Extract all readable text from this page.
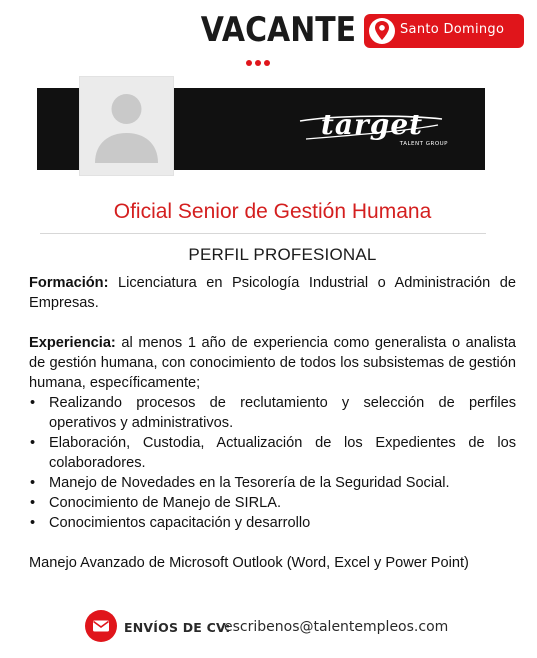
VACANTE	Santo Domingo
target
TALENT GROUP
Oficial Senior de Gestión Humana
PERFIL PROFESIONAL

Formación: Licenciatura en Psicología Industrial o Administración de Empresas.

Experiencia: al menos 1 año de experiencia como generalista o analista de gestión humana, con conocimiento de todos los subsistemas de gestión humana, específicamente;

• Realizando procesos de reclutamiento y selección de perfiles operativos y administrativos.
• Elaboración, Custodia, Actualización de los Expedientes de los colaboradores.
• Manejo de Novedades en la Tesorería de la Seguridad Social.
• Conocimiento de Manejo de SIRLA.
• Conocimientos capacitación y desarrollo

Manejo Avanzado de Microsoft Outlook (Word, Excel y Power Point)

ENVÍOS DE CV:
escribenos@talentempleos.com
